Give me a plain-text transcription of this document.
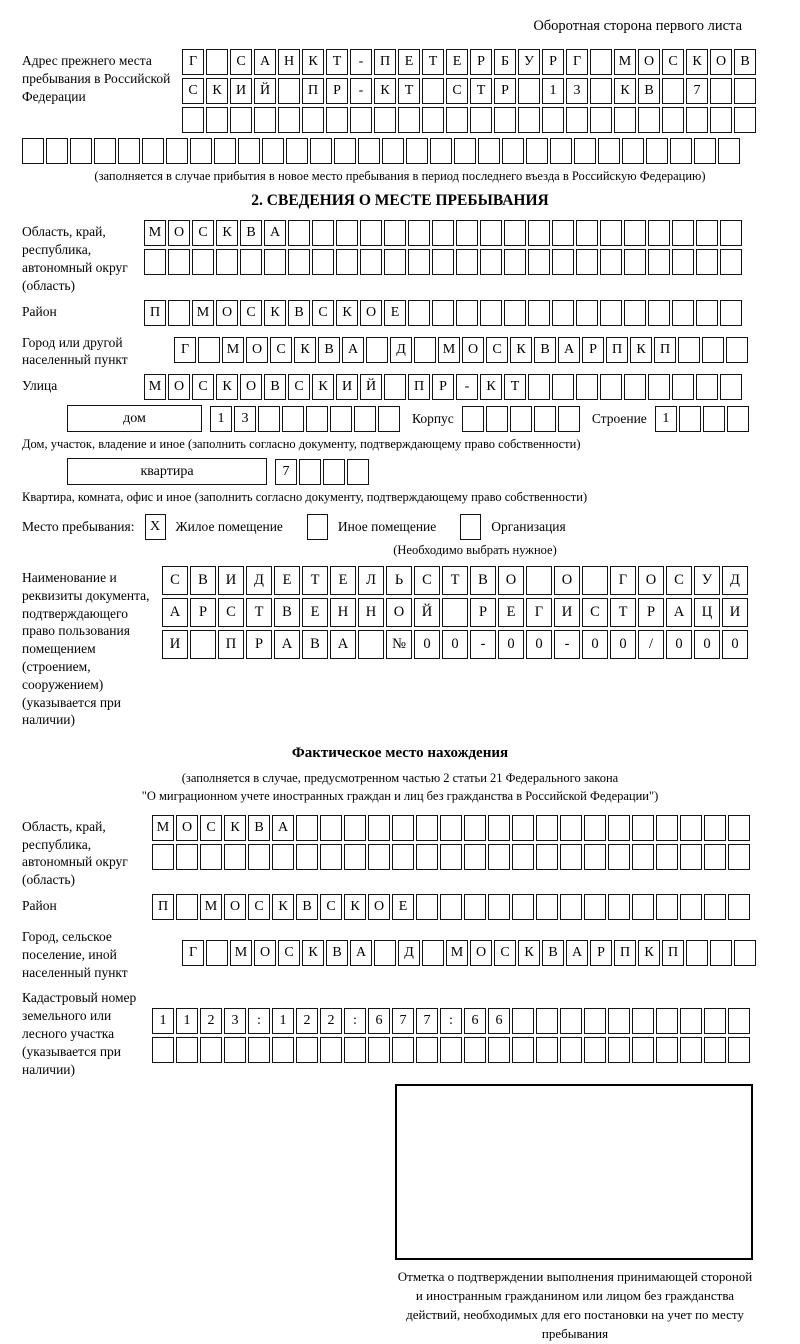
Оборотная сторона первого листа
Адрес прежнего места пребывания в Российской Федерации
Г	С	А Н	К	Т	-	П	Е	Т	Е	Р	Б	У	Р	Г	М О	С	К	О	В
С	К	И Й	П	Р	-	К	Т	С	Т	Р	1	3	К	В	7
(заполняется в случае прибытия в новое место пребывания в период последнего въезда в Российскую Федерацию)
2. СВЕДЕНИЯ О МЕСТЕ ПРЕБЫВАНИЯ
Область, край, республика, автономный округ (область)
М О	С	К	В	А
Район	П	М О	С	К	В	С	К	О	Е
Город или другой населенный пункт
Г	М О	С	К	В	А	Д	М О	С	К	В	А	Р	П	К	П
Улица	М О	С	К	О	В	С	К	И Й	П	Р	-	К	Т
дом	1	3	Корпус	Строение	1
Дом, участок, владение и иное (заполнить согласно документу, подтверждающему право собственности)
квартира	7
Квартира, комната, офис и иное (заполнить согласно документу, подтверждающему право собственности)
Место пребывания:	X	Жилое помещение	Иное помещение	Организация
(Необходимо выбрать нужное)
Наименование и реквизиты документа, подтверждающего право пользования помещением (строением, сооружением) (указывается при наличии)
С	В	И	Д	Е	Т	Е	Л	Ь	С	Т	В	О	О	Г	О	С	У	Д
А	Р	С	Т	В	Е	Н	Н	О	Й	Р	Е	Г	И	С	Т	Р	А	Ц	И
И	П	Р	А	В	А	№	0	0	-	0	0	-	0	0	/	0	0	0
Фактическое место нахождения
(заполняется в случае, предусмотренном частью 2 статьи 21 Федерального закона
"О миграционном учете иностранных граждан и лиц без гражданства в Российской Федерации")
Область, край, республика, автономный округ (область)
М О	С	К	В	А
Район	П	М О	С	К	В	С	К	О	Е
Город, сельское поселение, иной населенный пункт
Г	М О	С	К	В	А	Д	М О	С	К	В	А	Р	П	К	П
Кадастровый номер земельного или лесного участка (указывается при наличии)
1	1	2	3	:	1	2	2	:	6	7	7	:	6	6
Отметка о подтверждении выполнения принимающей стороной и иностранным гражданином или лицом без гражданства действий, необходимых для его постановки на учет по месту пребывания
